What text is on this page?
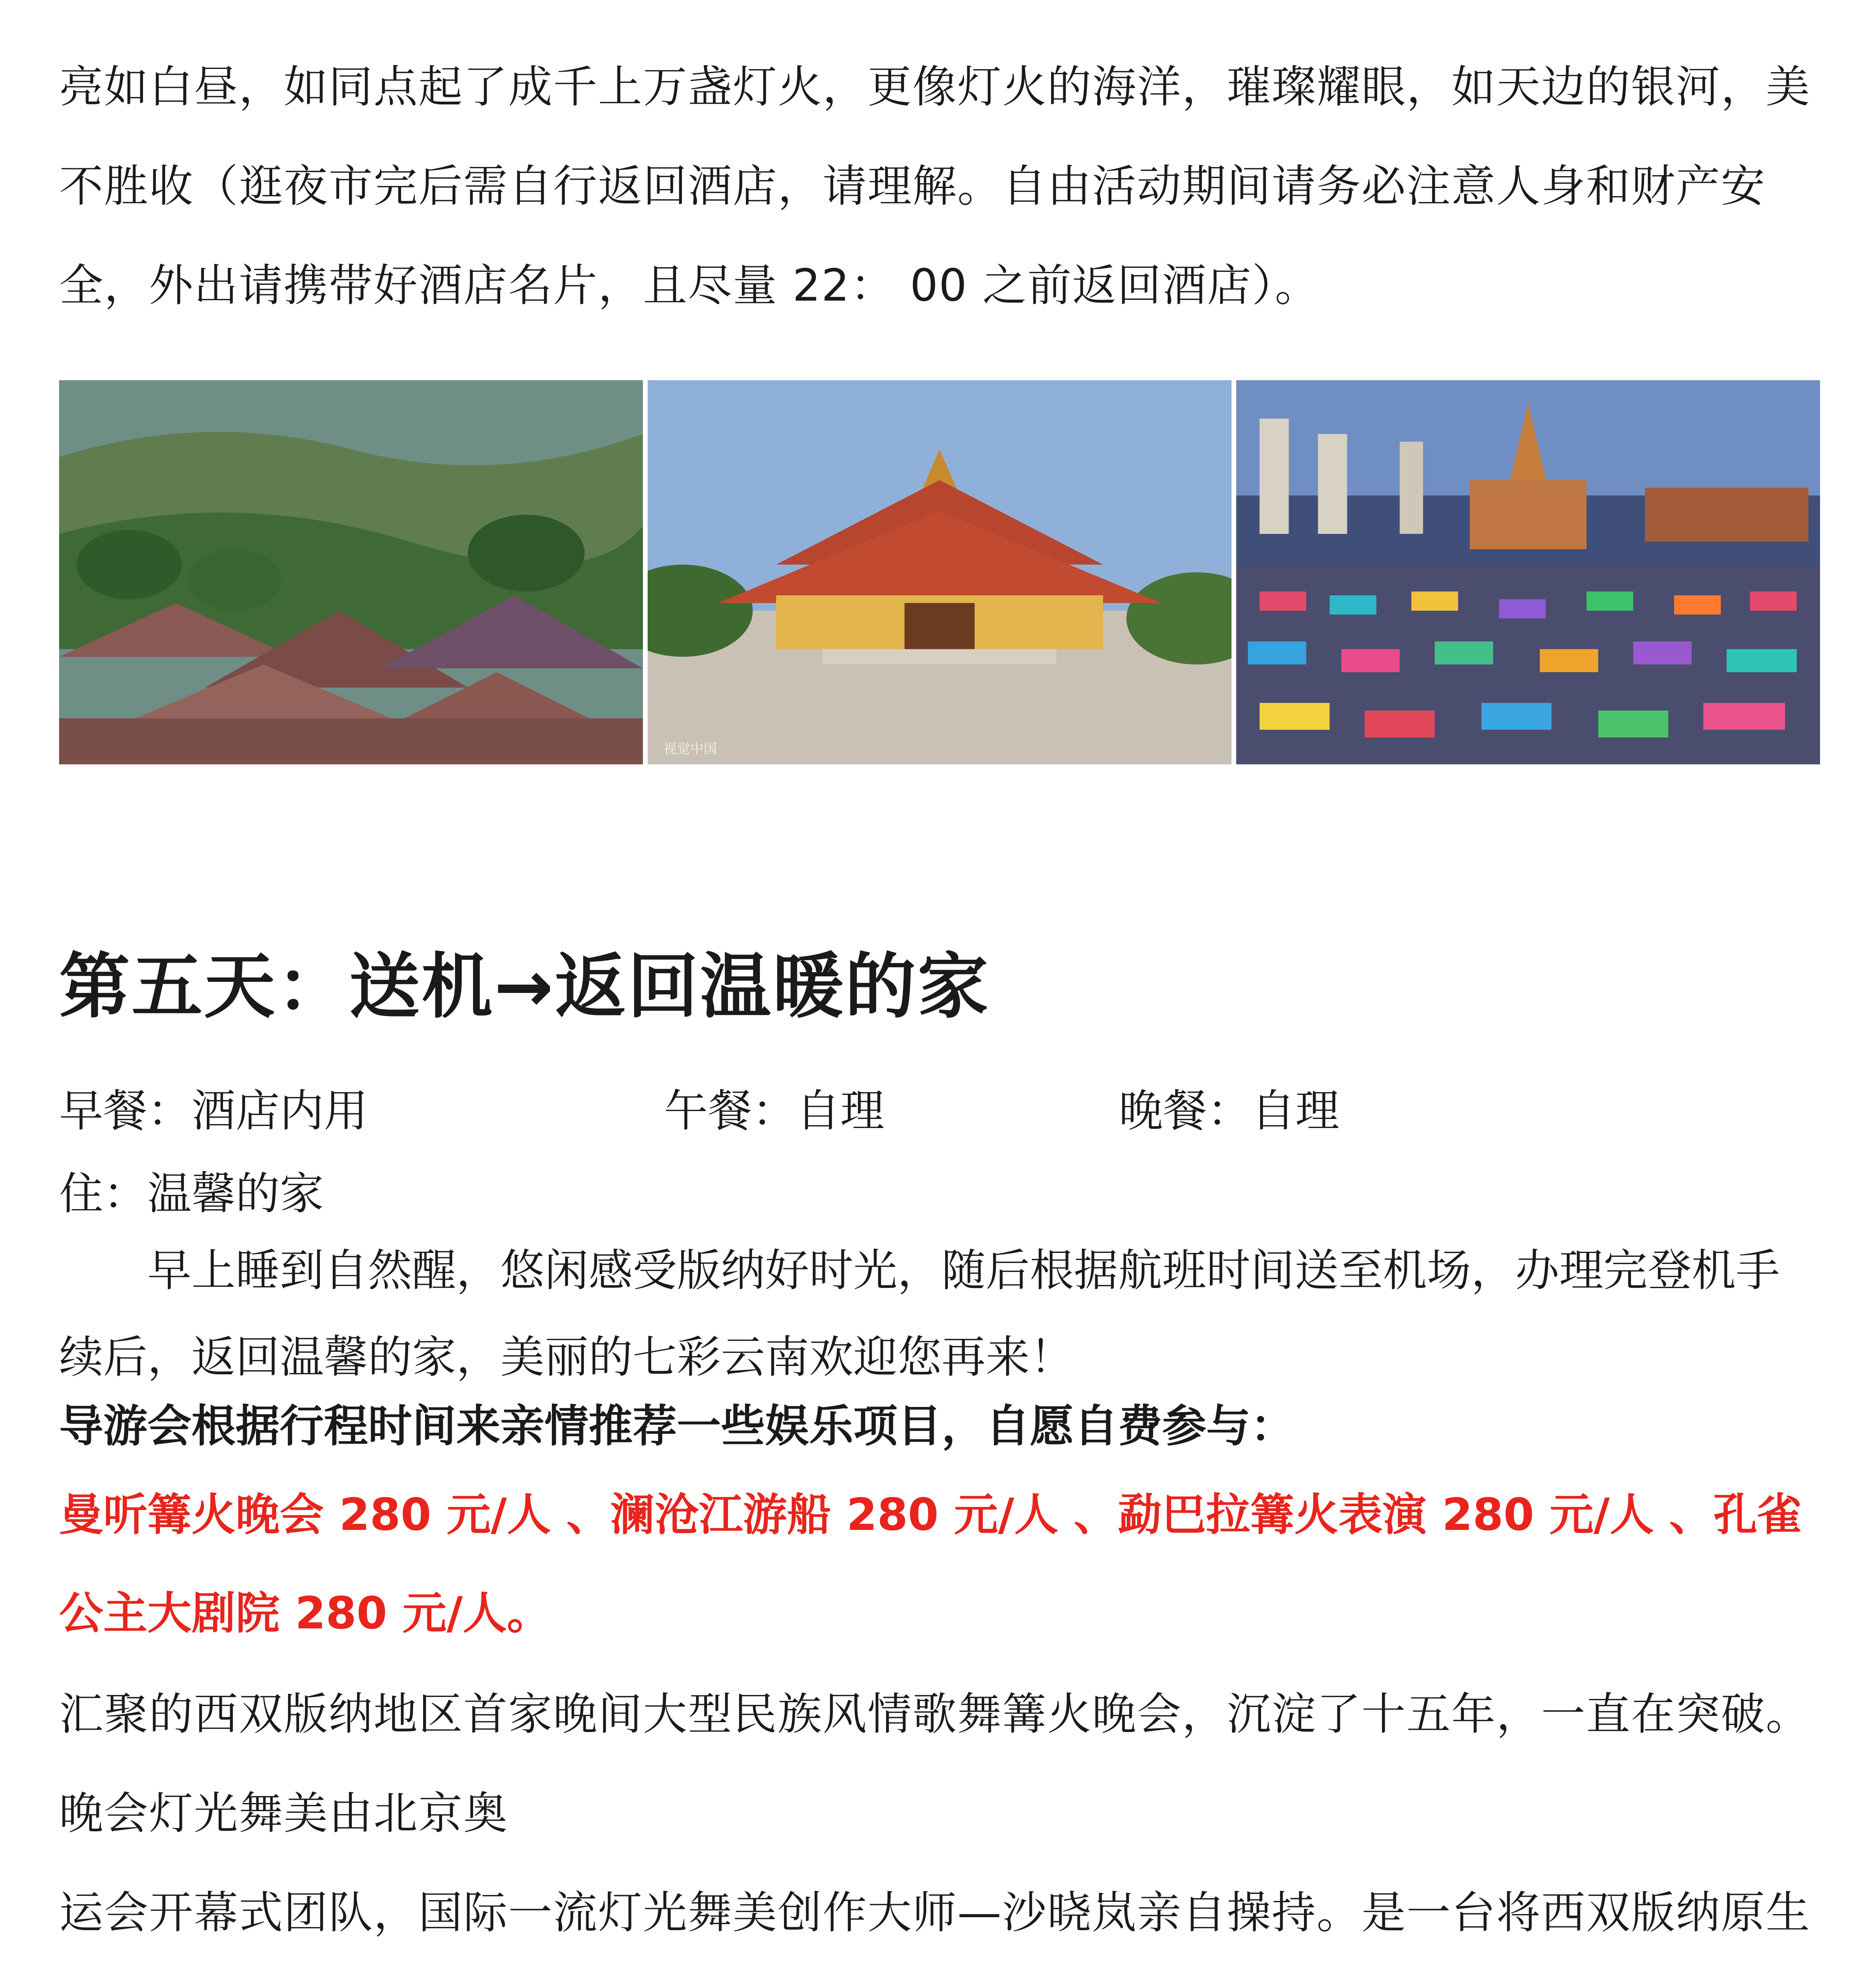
亮如白昼，如同点起了成千上万盏灯火，更像灯火的海洋，璀璨耀眼，如天边的银河，美不胜收（逛夜市完后需自行返回酒店，请理解。自由活动期间请务必注意人身和财产安全，外出请携带好酒店名片，且尽量 22： 00 之前返回酒店）。

视觉中国
第五天：送机→返回温暖的家
早餐：酒店内用	午餐：自理	晚餐：自理
住：温馨的家

早上睡到自然醒，悠闲感受版纳好时光，随后根据航班时间送至机场，办理完登机手续后，返回温馨的家，美丽的七彩云南欢迎您再来！

导游会根据行程时间来亲情推荐一些娱乐项目，自愿自费参与：

曼听篝火晚会 280 元/人 、澜沧江游船 280 元/人 、勐巴拉篝火表演 280 元/人 、孔雀公主大剧院 280 元/人。

汇聚的西双版纳地区首家晚间大型民族风情歌舞篝火晚会，沉淀了十五年，一直在突破。晚会灯光舞美由北京奥

运会开幕式团队，国际一流灯光舞美创作大师—沙晓岚亲自操持。是一台将西双版纳原生
